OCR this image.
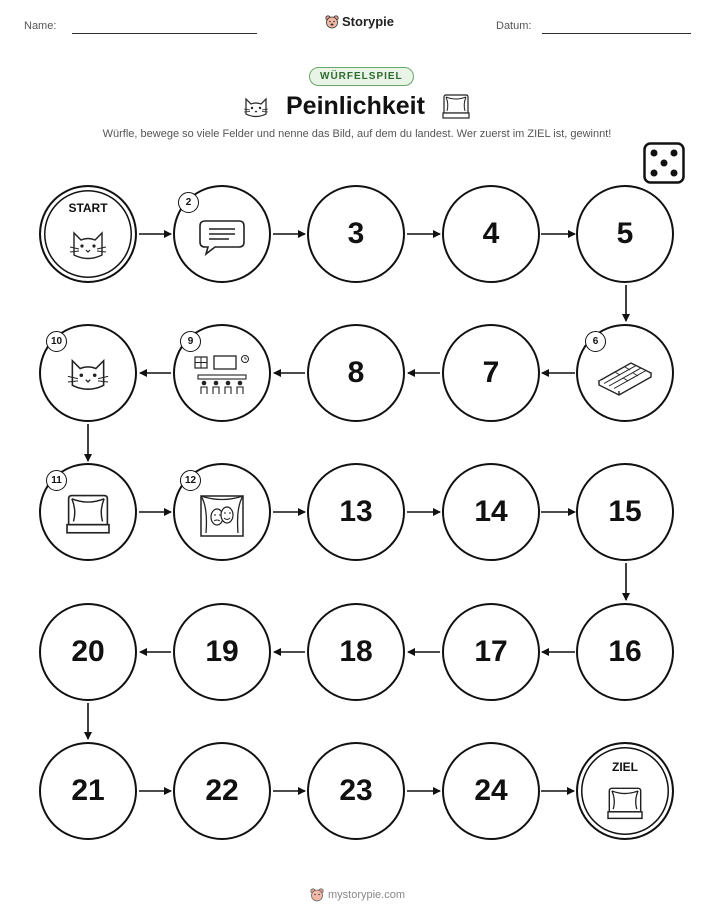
Name:	Storypie	Datum:
WÜRFELSPIEL
Peinlichkeit
Würfle, bewege so viele Felder und nenne das Bild, auf dem du landest. Wer zuerst im ZIEL ist, gewinnt!
START	2
3	4	5
10	9
8	7
6
11	12
13	14	15
20	19	18	17	16
21	22	23	24
ZIEL
mystorypie.com
